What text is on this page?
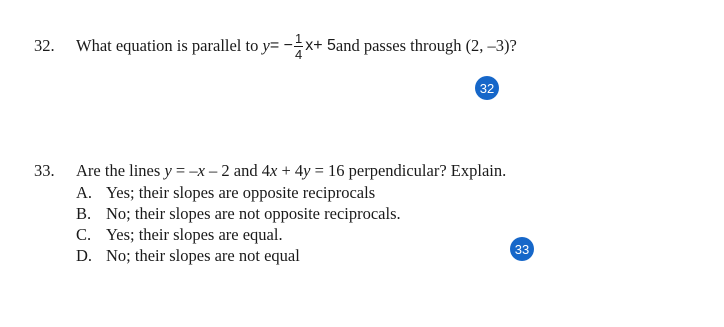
32.	What equation is parallel to
y = − $\frac{1}{4}$ x + 5 and passes through (2, –3)?
32
33. Are the lines y = –x – 2 and 4x + 4y = 16 perpendicular? Explain.
A. Yes; their slopes are opposite reciprocals
B. No; their slopes are not opposite reciprocals.
C. Yes; their slopes are equal.
D. No; their slopes are not equal	33
